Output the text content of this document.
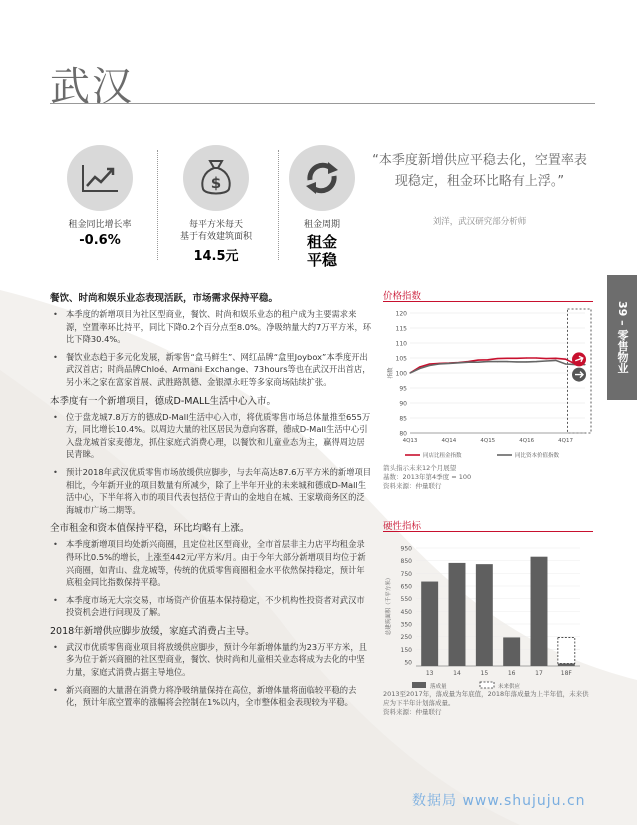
武汉
租金同比增长率
-0.6%
$
每平方米每天
基于有效建筑面积
14.5元
租金周期
租金
平稳
“本季度新增供应平稳去化，空置率表现稳定，租金环比略有上浮。”
刘洋，武汉研究部分析师
39 – 零售物业
餐饮、时尚和娱乐业态表现活跃，市场需求保持平稳。
• 本季度的新增项目为社区型商业，餐饮、时尚和娱乐业态的租户成为主要需求来源，空置率环比持平，同比下降0.2个百分点至8.0%。净吸纳量大约7万平方米，环比下降30.4%。
• 餐饮业态趋于多元化发展，新零售“盒马鲜生”、网红品牌“盒里Joybox”本季度开出武汉首店；时尚品牌Chloé、Armani Exchange、73hours等也在武汉开出首店，另小米之家在富家首展、武胜路凯德、金银潭永旺等多家商场陆续扩张。
本季度有一个新增项目，德成D-MALL生活中心入市。
• 位于盘龙城7.8万方的德成D-Mall生活中心入市，将优质零售市场总体量推至655万方，同比增长10.4%。以周边大量的社区居民为意向客群，德成D-Mall生活中心引入盘龙城首家麦德龙，抓住家庭式消费心理，以餐饮和儿童业态为主，赢得周边居民青睐。
• 预计2018年武汉优质零售市场放缓供应脚步，与去年高达87.6万平方米的新增项目相比，今年新开业的项目数量有所减少，除了上半年开业的未来城和德成D-Mall生活中心，下半年将入市的项目代表包括位于青山的金地自在城、王家墩商务区的泛海城市广场二期等。
全市租金和资本值保持平稳，环比均略有上涨。
• 本季度新增项目均处新兴商圈，且定位社区型商业，全市首层非主力店平均租金录得环比0.5%的增长，上涨至442元/平方米/月。由于今年大部分新增项目均位于新兴商圈，如青山、盘龙城等，传统的优质零售商圈租金水平依然保持稳定，预计年底租金同比指数保持平稳。
• 本季度市场无大宗交易，市场资产价值基本保持稳定，不少机构性投资者对武汉市投资机会进行问现及了解。
2018年新增供应脚步放缓，家庭式消费占主导。
• 武汉市优质零售商业项目将放缓供应脚步，预计今年新增体量约为23万平方米，且多为位于新兴商圈的社区型商业，餐饮、快时尚和儿童相关业态将成为去化的中坚力量，家庭式消费占据主导地位。
• 新兴商圈的大量潜在消费力将净吸纳量保持在高位，新增体量将面临较平稳的去化，预计年底空置率的涨幅将会控制在1%以内，全市整体租金表现较为平稳。
价格指数
80
85
90
95
100
105
110
115
120
4Q13	4Q14	4Q15	4Q16	4Q17
指数
同店比租金指数	同比资本价值指数
箭头指示未来12个月展望
基数：2013年第4季度 = 100
资料来源：仲量联行
硬性指标
50
150
250
350
450
550
650
750
850
950
总建筑面积（千平方米）
13	14	15	16	17	18F
落成量	未来供应
2013至2017年，落成量为年底值，2018年落成量为上半年值，未来供应为下半年计划落成量。
资料来源：仲量联行
数据局 www.shujuju.cn
